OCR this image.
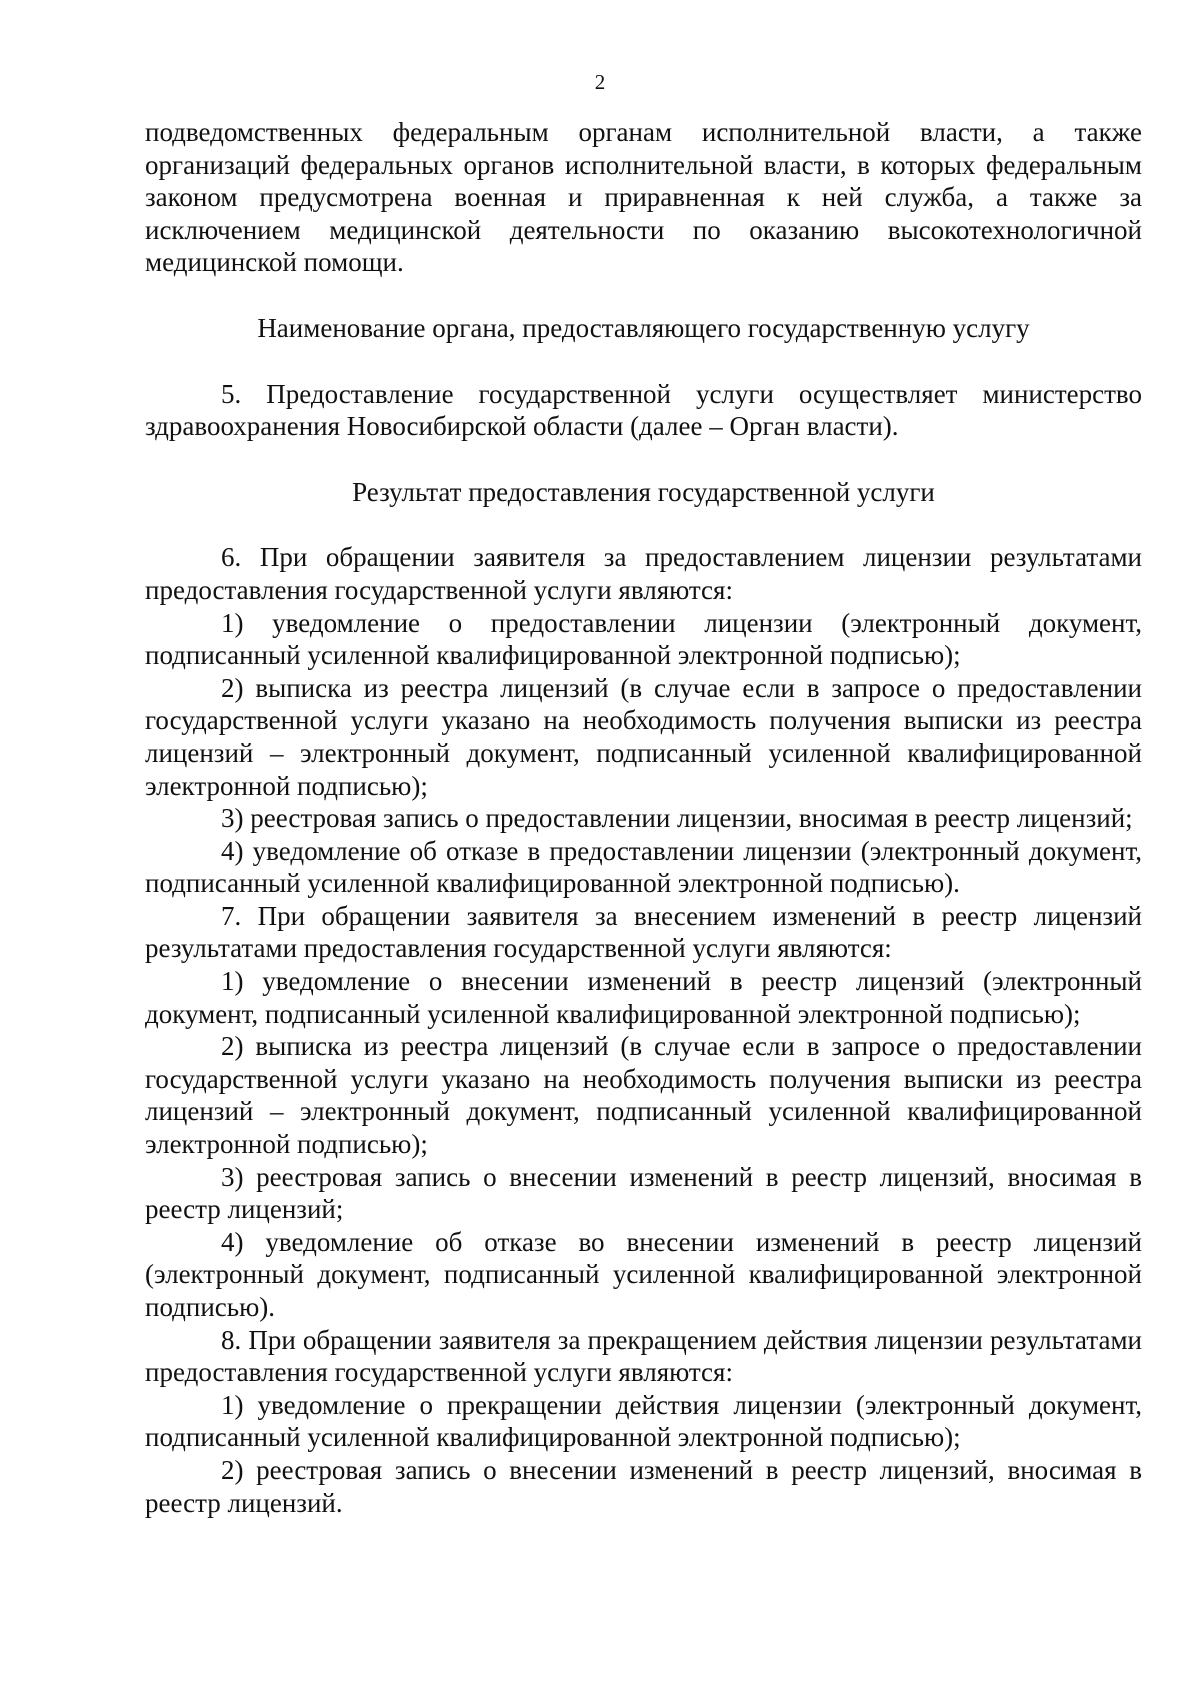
2

подведомственных федеральным органам исполнительной власти, а также организаций федеральных органов исполнительной власти, в которых федеральным законом предусмотрена военная и приравненная к ней служба, а также за исключением медицинской деятельности по оказанию высокотехнологичной медицинской помощи.

Наименование органа, предоставляющего государственную услугу

5. Предоставление государственной услуги осуществляет министерство здравоохранения Новосибирской области (далее – Орган власти).

Результат предоставления государственной услуги

6. При обращении заявителя за предоставлением лицензии результатами предоставления государственной услуги являются:

1) уведомление о предоставлении лицензии (электронный документ, подписанный усиленной квалифицированной электронной подписью);

2) выписка из реестра лицензий (в случае если в запросе о предоставлении государственной услуги указано на необходимость получения выписки из реестра лицензий – электронный документ, подписанный усиленной квалифицированной электронной подписью);

3) реестровая запись о предоставлении лицензии, вносимая в реестр лицензий;

4) уведомление об отказе в предоставлении лицензии (электронный документ, подписанный усиленной квалифицированной электронной подписью).

7. При обращении заявителя за внесением изменений в реестр лицензий результатами предоставления государственной услуги являются:

1) уведомление о внесении изменений в реестр лицензий (электронный документ, подписанный усиленной квалифицированной электронной подписью);

2) выписка из реестра лицензий (в случае если в запросе о предоставлении государственной услуги указано на необходимость получения выписки из реестра лицензий – электронный документ, подписанный усиленной квалифицированной электронной подписью);

3) реестровая запись о внесении изменений в реестр лицензий, вносимая в реестр лицензий;

4) уведомление об отказе во внесении изменений в реестр лицензий (электронный документ, подписанный усиленной квалифицированной электронной подписью).

8. При обращении заявителя за прекращением действия лицензии результатами предоставления государственной услуги являются:

1) уведомление о прекращении действия лицензии (электронный документ, подписанный усиленной квалифицированной электронной подписью);

2) реестровая запись о внесении изменений в реестр лицензий, вносимая в реестр лицензий.
